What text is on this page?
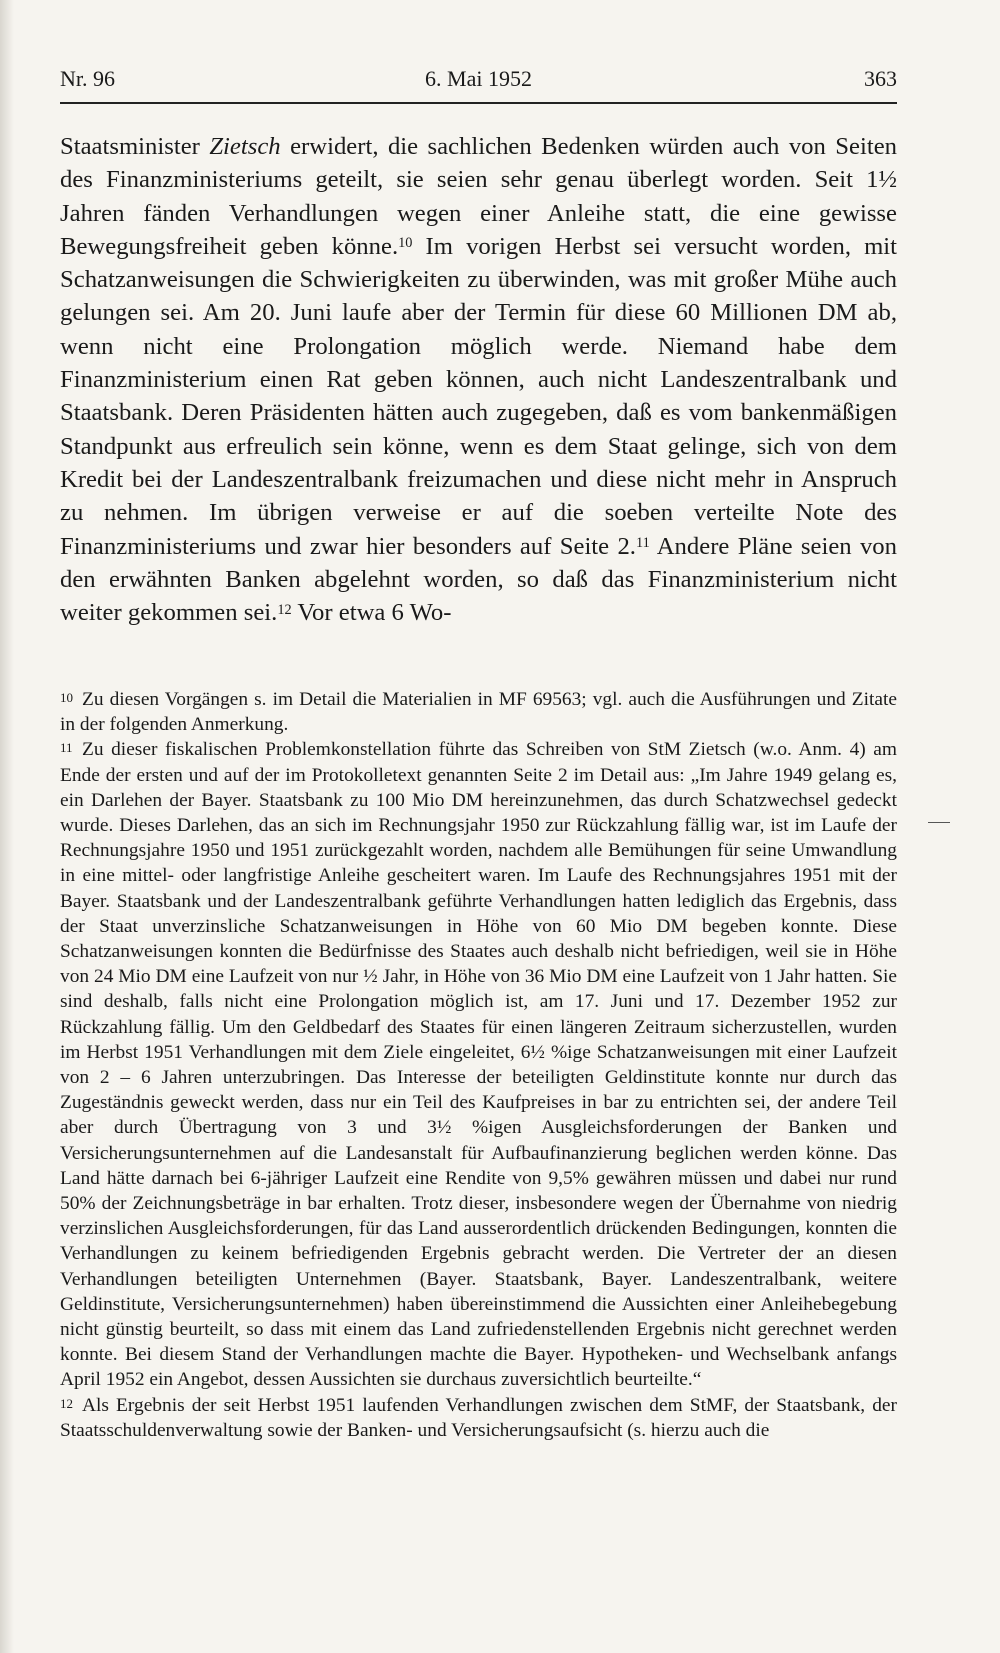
Nr. 96	6. Mai 1952	363
Staatsminister Zietsch erwidert, die sachlichen Bedenken würden auch von Seiten des Finanzministeriums geteilt, sie seien sehr genau überlegt worden. Seit 1½ Jahren fänden Verhandlungen wegen einer Anleihe statt, die eine gewisse Bewegungsfreiheit geben könne.$^{10}$ Im vorigen Herbst sei versucht worden, mit Schatzanweisungen die Schwierigkeiten zu überwinden, was mit großer Mühe auch gelungen sei. Am 20. Juni laufe aber der Termin für diese 60 Millionen DM ab, wenn nicht eine Prolongation möglich werde. Niemand habe dem Finanzministerium einen Rat geben können, auch nicht Landeszentralbank und Staatsbank. Deren Präsidenten hätten auch zugegeben, daß es vom bankenmäßigen Standpunkt aus erfreulich sein könne, wenn es dem Staat gelinge, sich von dem Kredit bei der Landeszentralbank freizumachen und diese nicht mehr in Anspruch zu nehmen. Im übrigen verweise er auf die soeben verteilte Note des Finanzministeriums und zwar hier besonders auf Seite 2.11 Andere Pläne seien von den erwähnten Banken abgelehnt worden, so daß das Finanzministerium nicht weiter gekommen sei.$^{12}$ Vor etwa 6 Wo-

10 Zu diesen Vorgängen s. im Detail die Materialien in MF 69563; vgl. auch die Ausführungen und Zitate in der folgenden Anmerkung.

11 Zu dieser fiskalischen Problemkonstellation führte das Schreiben von StM Zietsch (w.o. Anm. 4) am Ende der ersten und auf der im Protokolletext genannten Seite 2 im Detail aus: „Im Jahre 1949 gelang es, ein Darlehen der Bayer. Staatsbank zu 100 Mio DM hereinzunehmen, das durch Schatzwechsel gedeckt wurde. Dieses Darlehen, das an sich im Rechnungsjahr 1950 zur Rückzahlung fällig war, ist im Laufe der Rechnungsjahre 1950 und 1951 zurückgezahlt worden, nachdem alle Bemühungen für seine Umwandlung in eine mittel- oder langfristige Anleihe gescheitert waren. Im Laufe des Rechnungsjahres 1951 mit der Bayer. Staatsbank und der Landeszentralbank geführte Verhandlungen hatten lediglich das Ergebnis, dass der Staat unverzinsliche Schatzanweisungen in Höhe von 60 Mio DM begeben konnte. Diese Schatzanweisungen konnten die Bedürfnisse des Staates auch deshalb nicht befriedigen, weil sie in Höhe von 24 Mio DM eine Laufzeit von nur ½ Jahr, in Höhe von 36 Mio DM eine Laufzeit von 1 Jahr hatten. Sie sind deshalb, falls nicht eine Prolongation möglich ist, am 17. Juni und 17. Dezember 1952 zur Rückzahlung fällig. Um den Geldbedarf des Staates für einen längeren Zeitraum sicherzustellen, wurden im Herbst 1951 Verhandlungen mit dem Ziele eingeleitet, 6½ %ige Schatzanweisungen mit einer Laufzeit von 2 – 6 Jahren unterzubringen. Das Interesse der beteiligten Geldinstitute konnte nur durch das Zugeständnis geweckt werden, dass nur ein Teil des Kaufpreises in bar zu entrichten sei, der andere Teil aber durch Übertragung von 3 und 3½ %igen Ausgleichsforderungen der Banken und Versicherungsunternehmen auf die Landesanstalt für Aufbaufinanzierung beglichen werden könne. Das Land hätte darnach bei 6-jähriger Laufzeit eine Rendite von 9,5% gewähren müssen und dabei nur rund 50% der Zeichnungsbeträge in bar erhalten. Trotz dieser, insbesondere wegen der Übernahme von niedrig verzinslichen Ausgleichsforderungen, für das Land ausserordentlich drückenden Bedingungen, konnten die Verhandlungen zu keinem befriedigenden Ergebnis gebracht werden. Die Vertreter der an diesen Verhandlungen beteiligten Unternehmen (Bayer. Staatsbank, Bayer. Landeszentralbank, weitere Geldinstitute, Versicherungsunternehmen) haben übereinstimmend die Aussichten einer Anleihebegebung nicht günstig beurteilt, so dass mit einem das Land zufriedenstellenden Ergebnis nicht gerechnet werden konnte. Bei diesem Stand der Verhandlungen machte die Bayer. Hypotheken- und Wechselbank anfangs April 1952 ein Angebot, dessen Aussichten sie durchaus zuversichtlich beurteilte.“

12 Als Ergebnis der seit Herbst 1951 laufenden Verhandlungen zwischen dem StMF, der Staatsbank, der Staatsschuldenverwaltung sowie der Banken- und Versicherungsaufsicht (s. hierzu auch die
